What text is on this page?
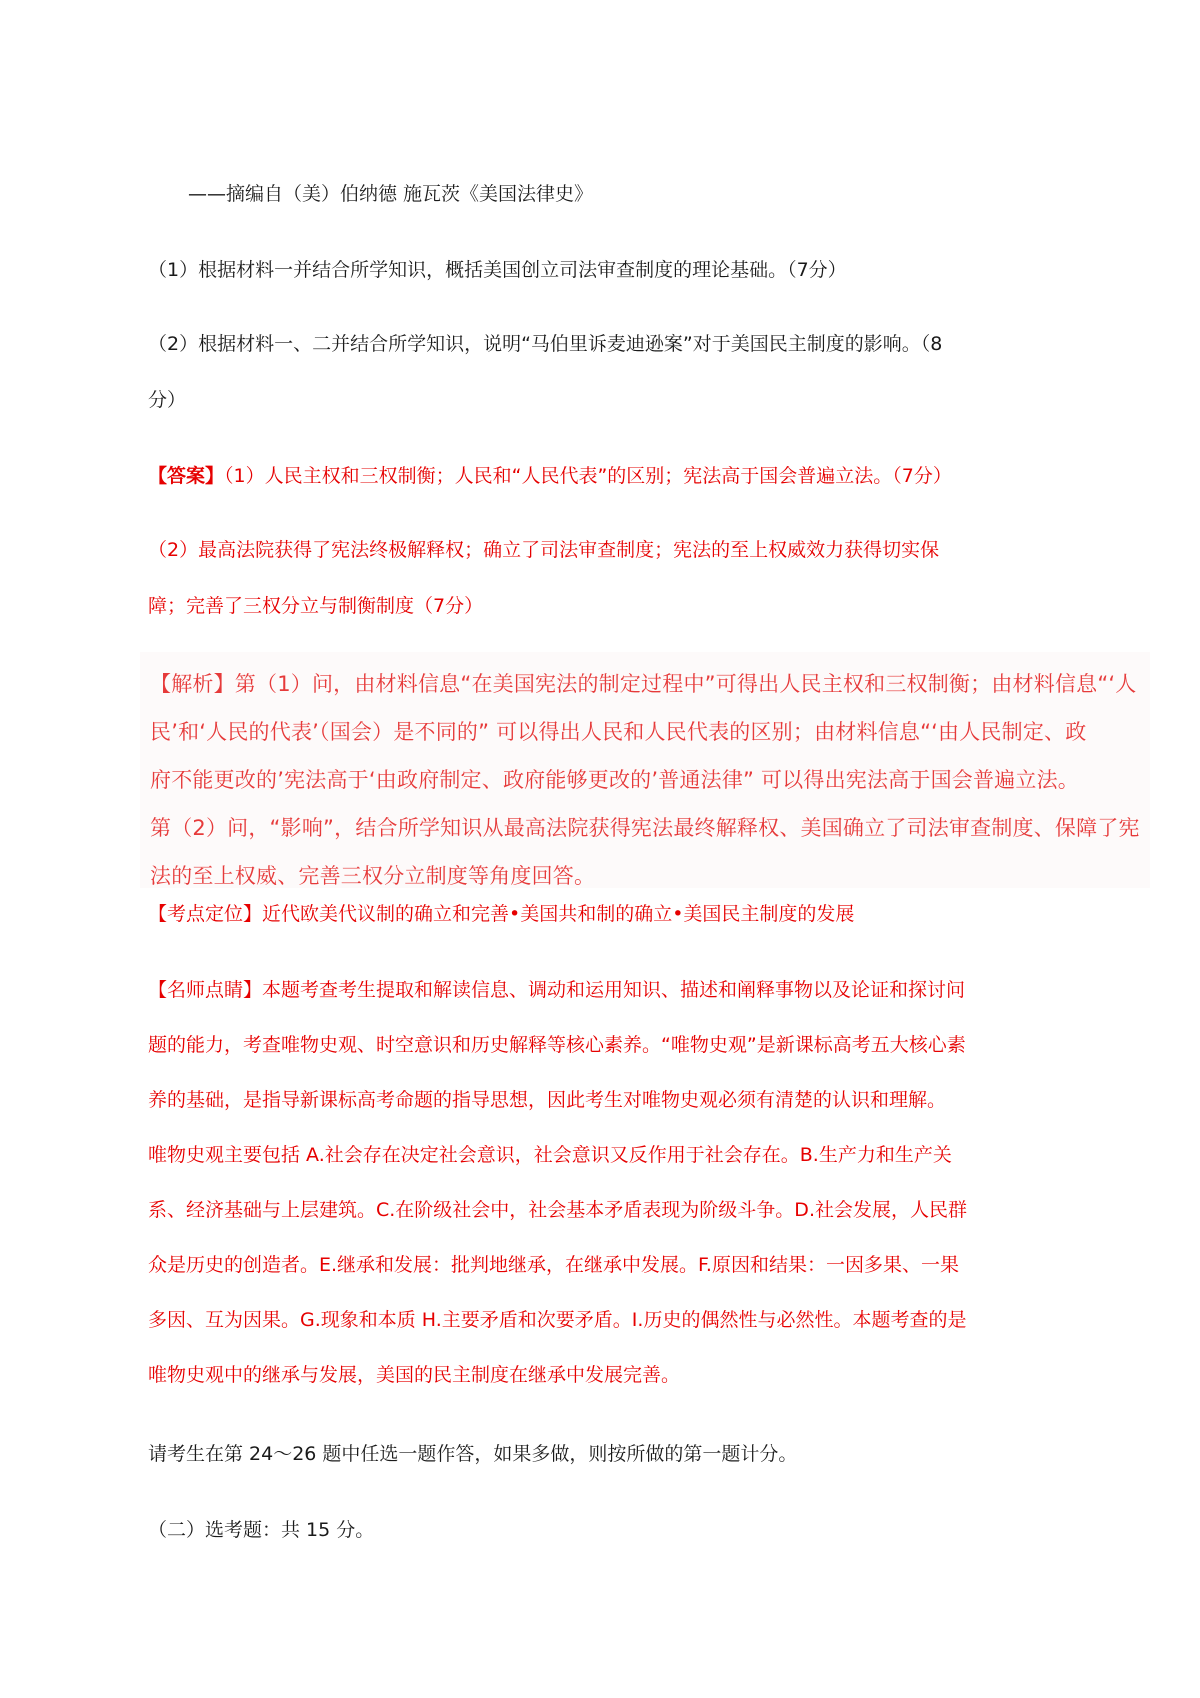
——摘编自（美）伯纳德 施瓦茨《美国法律史》
（1）根据材料一并结合所学知识，概括美国创立司法审查制度的理论基础。（7分）
（2）根据材料一、二并结合所学知识，说明“马伯里诉麦迪逊案”对于美国民主制度的影响。（8
分）
【答案】（1）人民主权和三权制衡；人民和“人民代表”的区别；宪法高于国会普遍立法。（7分）
（2）最高法院获得了宪法终极解释权；确立了司法审查制度；宪法的至上权威效力获得切实保
障；完善了三权分立与制衡制度（7分）
【解析】第（1）问，由材料信息“在美国宪法的制定过程中”可得出人民主权和三权制衡；由材料信息“‘人
民’和‘人民的代表’（国会）是不同的” 可以得出人民和人民代表的区别；由材料信息“‘由人民制定、政
府不能更改的’宪法高于‘由政府制定、政府能够更改的’普通法律” 可以得出宪法高于国会普遍立法。
第（2）问，“影响”，结合所学知识从最高法院获得宪法最终解释权、美国确立了司法审查制度、保障了宪
法的至上权威、完善三权分立制度等角度回答。
【考点定位】近代欧美代议制的确立和完善•美国共和制的确立•美国民主制度的发展
【名师点睛】本题考查考生提取和解读信息、调动和运用知识、描述和阐释事物以及论证和探讨问
题的能力，考查唯物史观、时空意识和历史解释等核心素养。“唯物史观”是新课标高考五大核心素
养的基础，是指导新课标高考命题的指导思想，因此考生对唯物史观必须有清楚的认识和理解。
唯物史观主要包括 A.社会存在决定社会意识，社会意识又反作用于社会存在。B.生产力和生产关
系、经济基础与上层建筑。C.在阶级社会中，社会基本矛盾表现为阶级斗争。D.社会发展，人民群
众是历史的创造者。E.继承和发展：批判地继承，在继承中发展。F.原因和结果：一因多果、一果
多因、互为因果。G.现象和本质 H.主要矛盾和次要矛盾。I.历史的偶然性与必然性。本题考查的是
唯物史观中的继承与发展，美国的民主制度在继承中发展完善。
请考生在第 24～26 题中任选一题作答，如果多做，则按所做的第一题计分。
（二）选考题：共 15 分。
